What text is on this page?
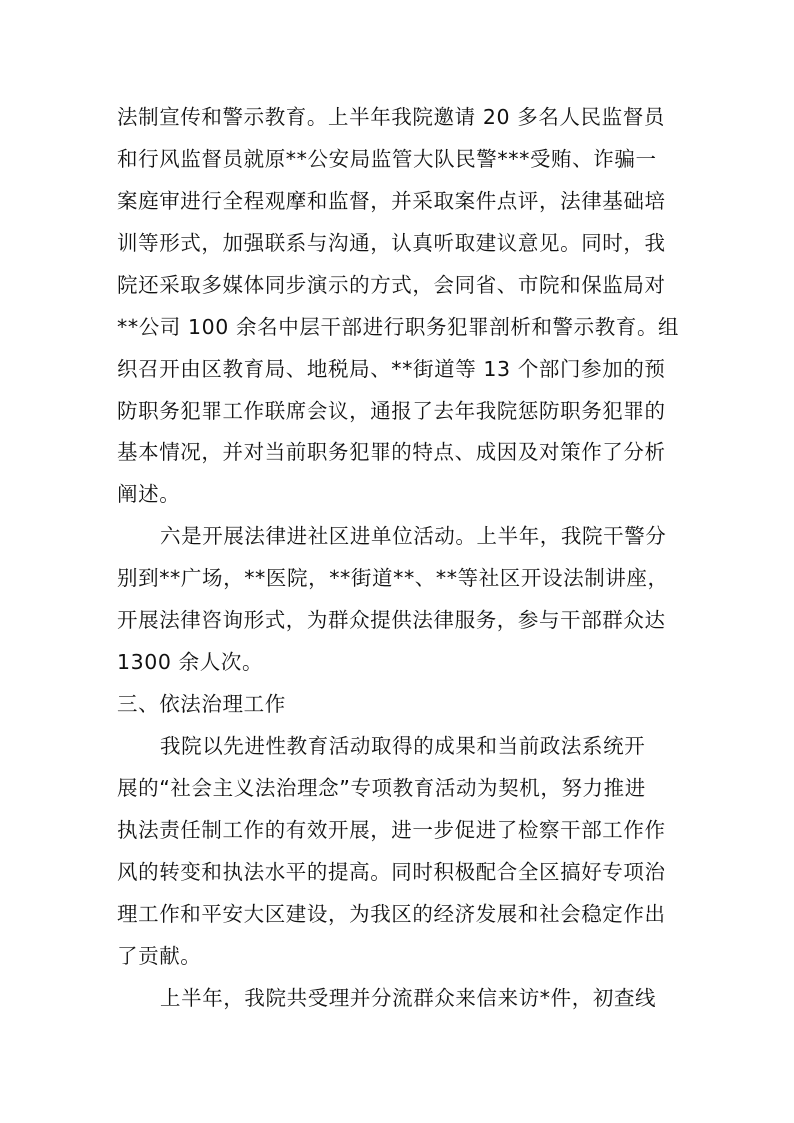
法制宣传和警示教育。上半年我院邀请 20 多名人民监督员
和行风监督员就原**公安局监管大队民警***受贿、诈骗一
案庭审进行全程观摩和监督，并采取案件点评，法律基础培
训等形式，加强联系与沟通，认真听取建议意见。同时，我
院还采取多媒体同步演示的方式，会同省、市院和保监局对
**公司 100 余名中层干部进行职务犯罪剖析和警示教育。组
织召开由区教育局、地税局、**街道等 13 个部门参加的预
防职务犯罪工作联席会议，通报了去年我院惩防职务犯罪的
基本情况，并对当前职务犯罪的特点、成因及对策作了分析
阐述。
六是开展法律进社区进单位活动。上半年，我院干警分
别到**广场，**医院，**街道**、**等社区开设法制讲座，
开展法律咨询形式，为群众提供法律服务，参与干部群众达
1300 余人次。
三、依法治理工作
我院以先进性教育活动取得的成果和当前政法系统开
展的“社会主义法治理念”专项教育活动为契机，努力推进
执法责任制工作的有效开展，进一步促进了检察干部工作作
风的转变和执法水平的提高。同时积极配合全区搞好专项治
理工作和平安大区建设，为我区的经济发展和社会稳定作出
了贡献。
上半年，我院共受理并分流群众来信来访*件，初查线
